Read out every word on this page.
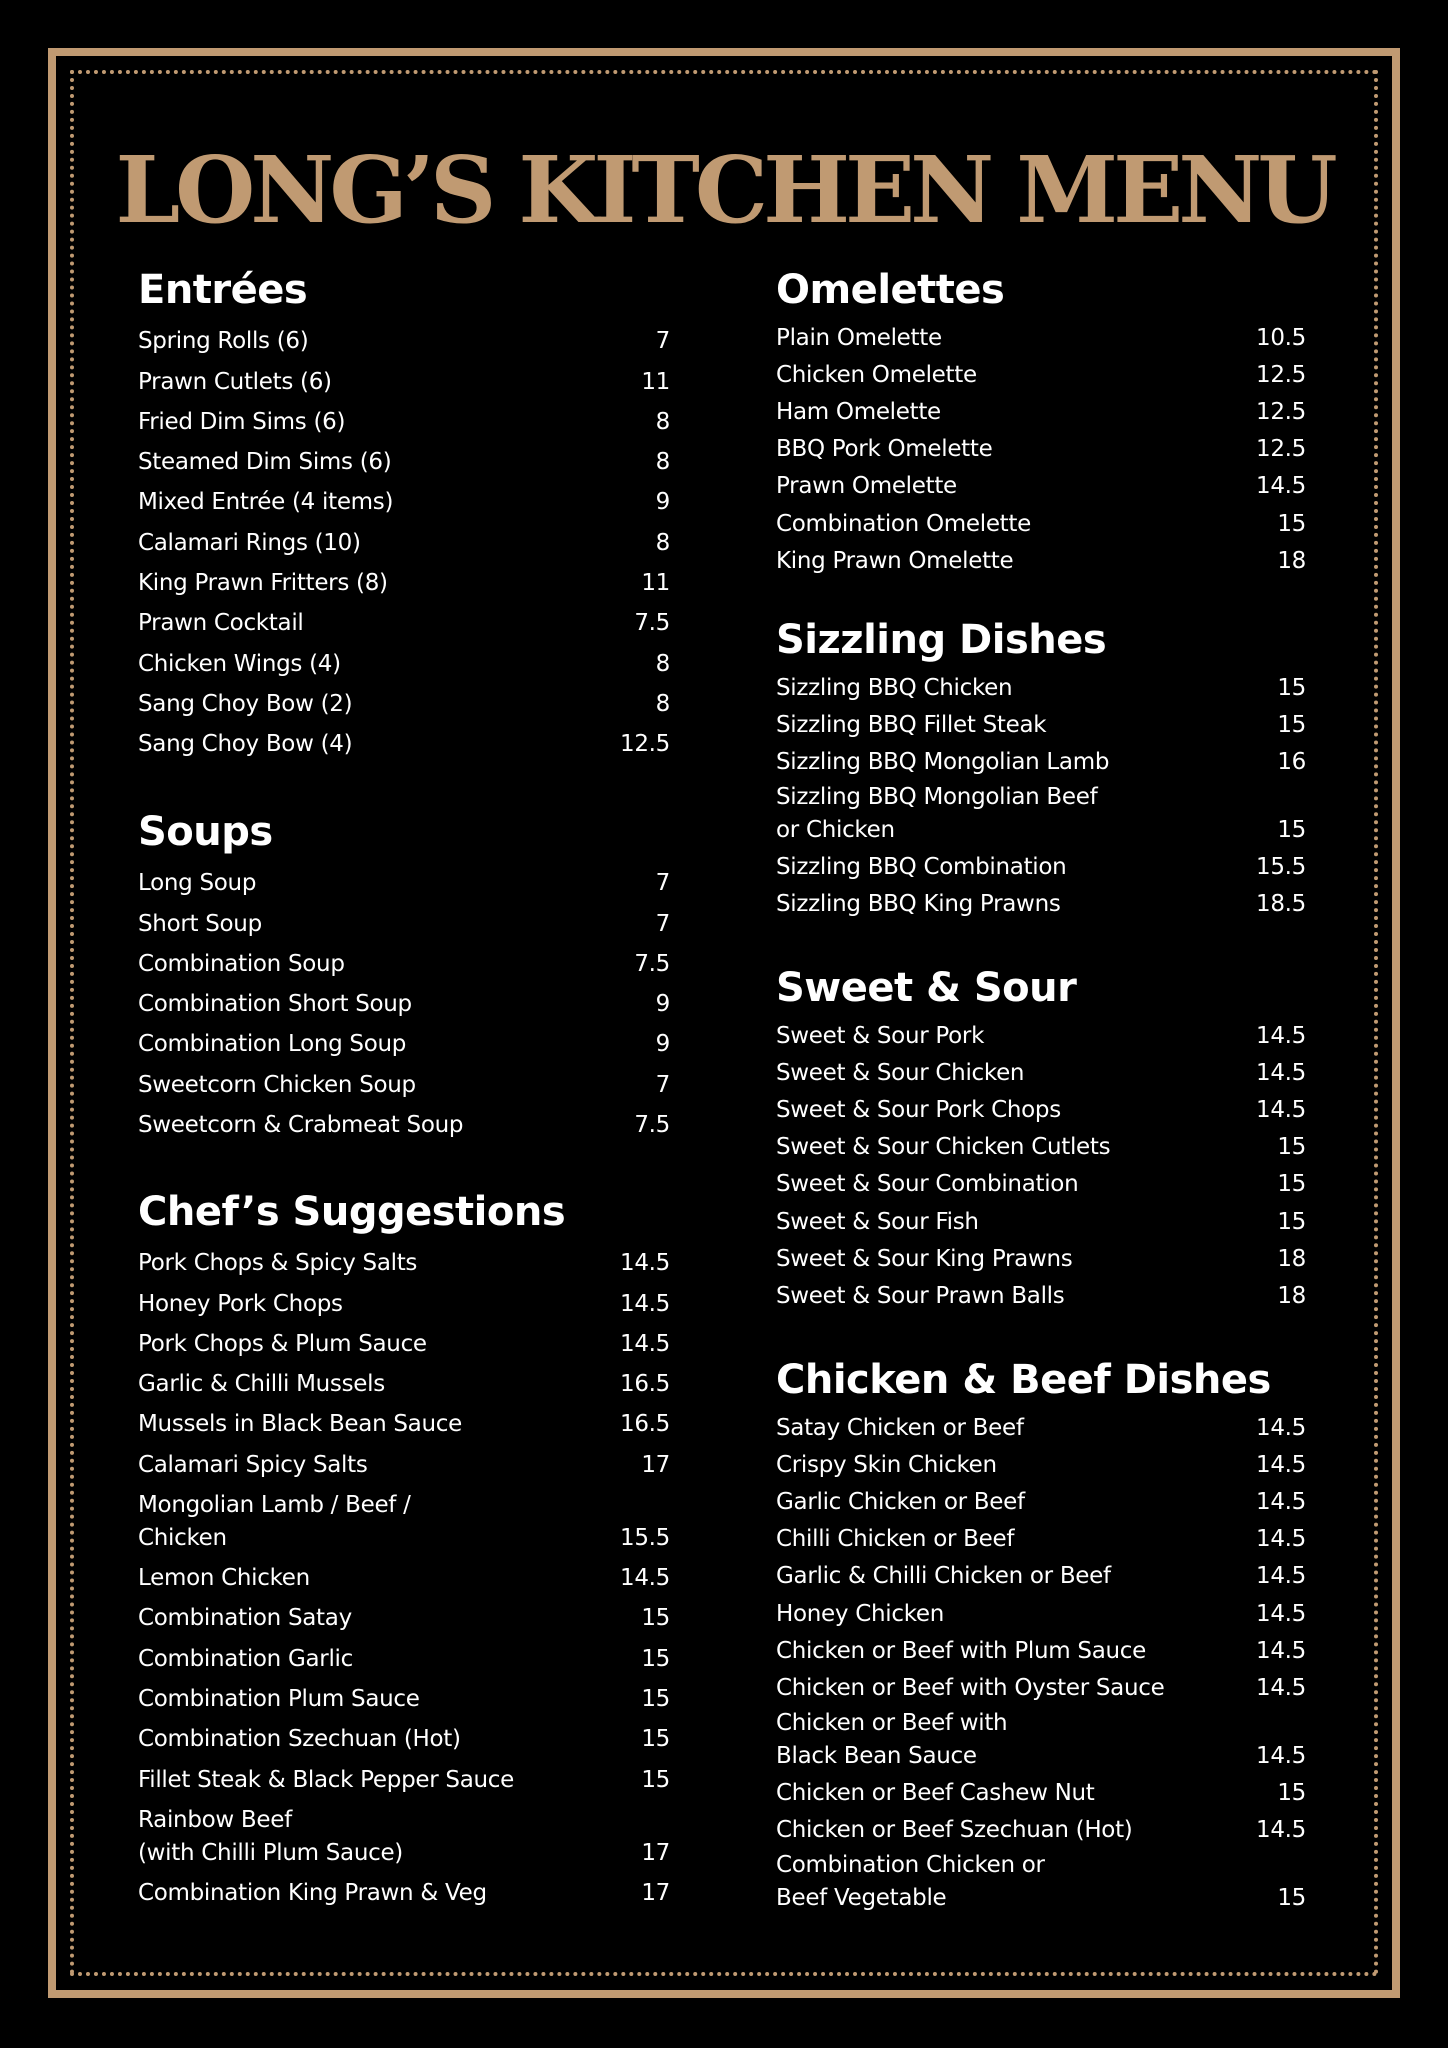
LONG’S KITCHEN MENU
Entrées
Spring Rolls (6)	7
Prawn Cutlets (6)	11
Fried Dim Sims (6)	8
Steamed Dim Sims (6)	8
Mixed Entrée (4 items)	9
Calamari Rings (10)	8
King Prawn Fritters (8)	11
Prawn Cocktail	7.5
Chicken Wings (4)	8
Sang Choy Bow (2)	8
Sang Choy Bow (4)	12.5
Soups
Long Soup	7
Short Soup	7
Combination Soup	7.5
Combination Short Soup	9
Combination Long Soup	9
Sweetcorn Chicken Soup	7
Sweetcorn & Crabmeat Soup	7.5
Chef’s Suggestions
Pork Chops & Spicy Salts	14.5
Honey Pork Chops	14.5
Pork Chops & Plum Sauce	14.5
Garlic & Chilli Mussels	16.5
Mussels in Black Bean Sauce	16.5
Calamari Spicy Salts	17
Mongolian Lamb / Beef /
Chicken	15.5
Lemon Chicken	14.5
Combination Satay	15
Combination Garlic	15
Combination Plum Sauce	15
Combination Szechuan (Hot)	15
Fillet Steak & Black Pepper Sauce	15
Rainbow Beef
(with Chilli Plum Sauce)	17
Combination King Prawn & Veg	17
Omelettes
Plain Omelette	10.5
Chicken Omelette	12.5
Ham Omelette	12.5
BBQ Pork Omelette	12.5
Prawn Omelette	14.5
Combination Omelette	15
King Prawn Omelette	18
Sizzling Dishes
Sizzling BBQ Chicken	15
Sizzling BBQ Fillet Steak	15
Sizzling BBQ Mongolian Lamb	16
Sizzling BBQ Mongolian Beef
or Chicken	15
Sizzling BBQ Combination	15.5
Sizzling BBQ King Prawns	18.5
Sweet & Sour
Sweet & Sour Pork	14.5
Sweet & Sour Chicken	14.5
Sweet & Sour Pork Chops	14.5
Sweet & Sour Chicken Cutlets	15
Sweet & Sour Combination	15
Sweet & Sour Fish	15
Sweet & Sour King Prawns	18
Sweet & Sour Prawn Balls	18
Chicken & Beef Dishes
Satay Chicken or Beef	14.5
Crispy Skin Chicken	14.5
Garlic Chicken or Beef	14.5
Chilli Chicken or Beef	14.5
Garlic & Chilli Chicken or Beef	14.5
Honey Chicken	14.5
Chicken or Beef with Plum Sauce	14.5
Chicken or Beef with Oyster Sauce	14.5
Chicken or Beef with
Black Bean Sauce	14.5
Chicken or Beef Cashew Nut	15
Chicken or Beef Szechuan (Hot)	14.5
Combination Chicken or
Beef Vegetable	15
